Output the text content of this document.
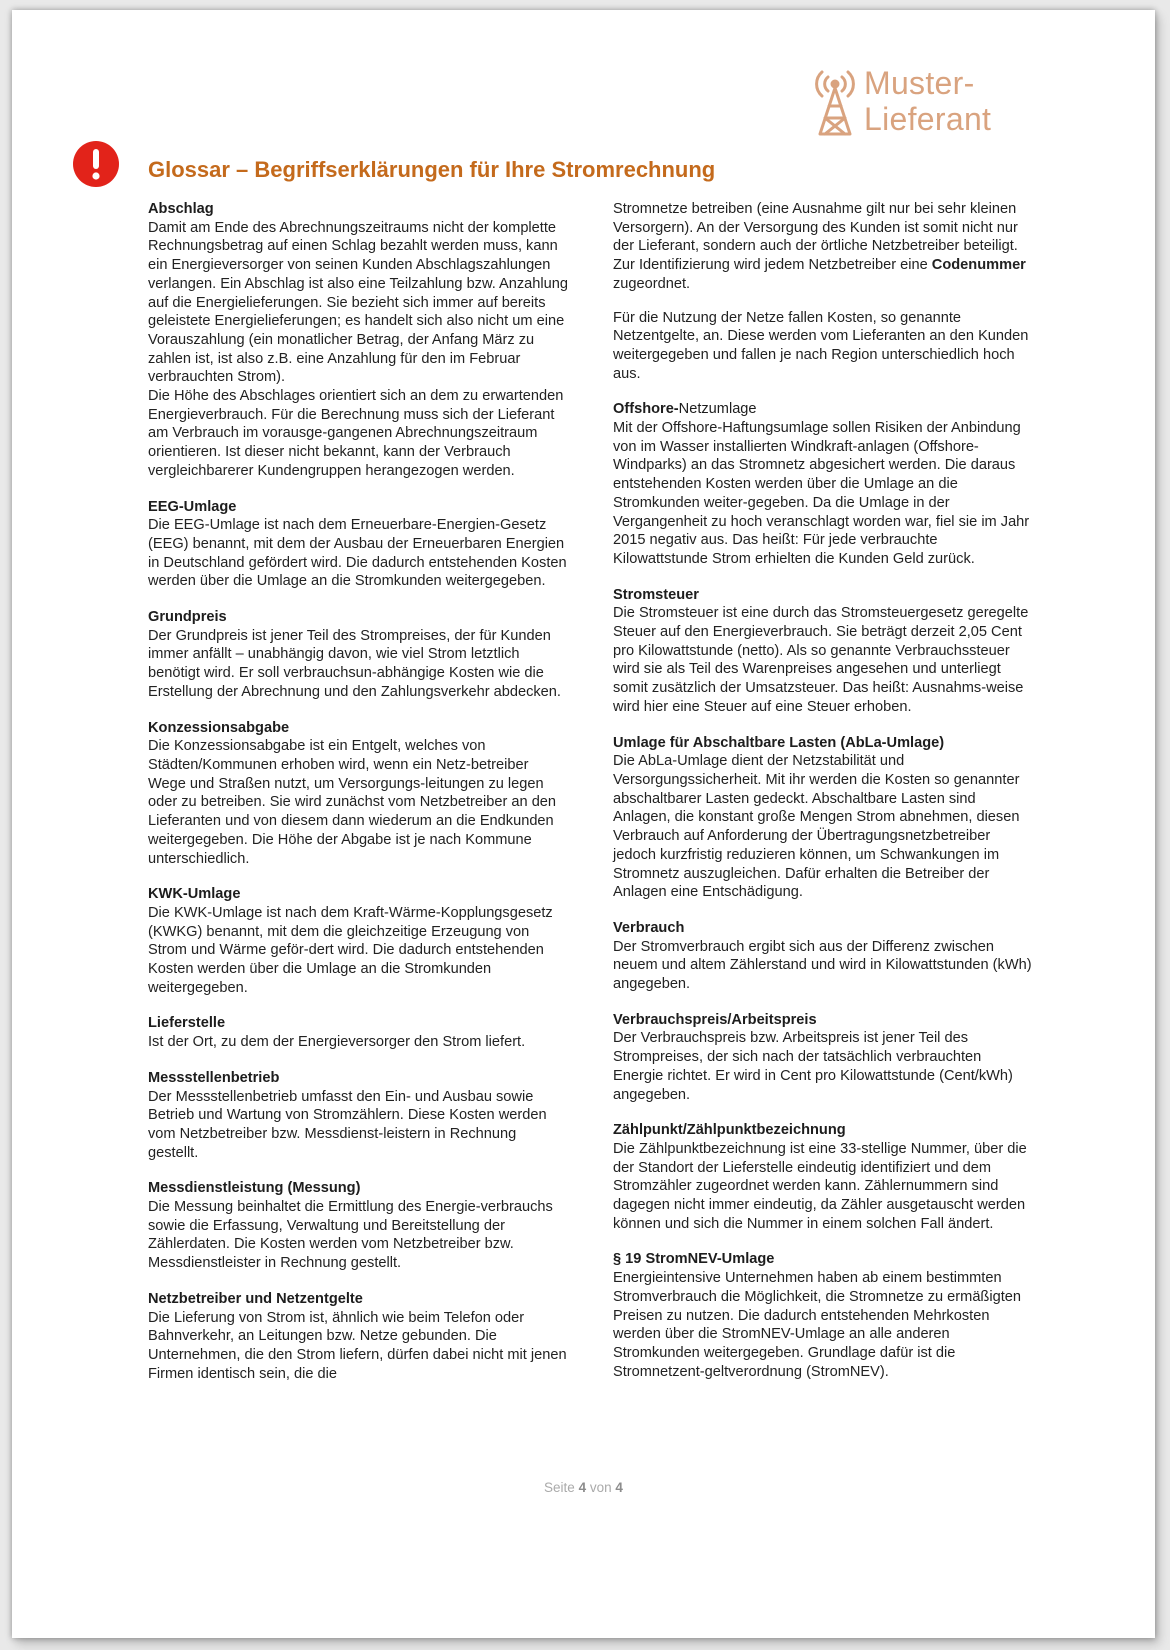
Muster-
Lieferant
Glossar – Begriffserklärungen für Ihre Stromrechnung
Abschlag
Damit am Ende des Abrechnungszeitraums nicht der komplette Rechnungsbetrag auf einen Schlag bezahlt werden muss, kann ein Energieversorger von seinen Kunden Abschlagszahlungen verlangen. Ein Abschlag ist also eine Teilzahlung bzw. Anzahlung auf die Energielieferungen. Sie bezieht sich immer auf bereits geleistete Energielieferungen; es handelt sich also nicht um eine Vorauszahlung (ein monatlicher Betrag, der Anfang März zu zahlen ist, ist also z.B. eine Anzahlung für den im Februar verbrauchten Strom).
Die Höhe des Abschlages orientiert sich an dem zu erwartenden Energieverbrauch. Für die Berechnung muss sich der Lieferant am Verbrauch im vorausge-gangenen Abrechnungszeitraum orientieren. Ist dieser nicht bekannt, kann der Verbrauch vergleichbarerer Kundengruppen herangezogen werden.
EEG-Umlage
Die EEG-Umlage ist nach dem Erneuerbare-Energien-Gesetz (EEG) benannt, mit dem der Ausbau der Erneuerbaren Energien in Deutschland gefördert wird. Die dadurch entstehenden Kosten werden über die Umlage an die Stromkunden weitergegeben.
Grundpreis
Der Grundpreis ist jener Teil des Strompreises, der für Kunden immer anfällt – unabhängig davon, wie viel Strom letztlich benötigt wird. Er soll verbrauchsun-abhängige Kosten wie die Erstellung der Abrechnung und den Zahlungsverkehr abdecken.
Konzessionsabgabe
Die Konzessionsabgabe ist ein Entgelt, welches von Städten/Kommunen erhoben wird, wenn ein Netz-betreiber Wege und Straßen nutzt, um Versorgungs-leitungen zu legen oder zu betreiben. Sie wird zunächst vom Netzbetreiber an den Lieferanten und von diesem dann wiederum an die Endkunden weitergegeben. Die Höhe der Abgabe ist je nach Kommune unterschiedlich.
KWK-Umlage
Die KWK-Umlage ist nach dem Kraft-Wärme-Kopplungsgesetz (KWKG) benannt, mit dem die gleichzeitige Erzeugung von Strom und Wärme geför-dert wird. Die dadurch entstehenden Kosten werden über die Umlage an die Stromkunden weitergegeben.
Lieferstelle
Ist der Ort, zu dem der Energieversorger den Strom liefert.
Messstellenbetrieb
Der Messstellenbetrieb umfasst den Ein- und Ausbau sowie Betrieb und Wartung von Stromzählern. Diese Kosten werden vom Netzbetreiber bzw. Messdienst-leistern in Rechnung gestellt.
Messdienstleistung (Messung)
Die Messung beinhaltet die Ermittlung des Energie-verbrauchs sowie die Erfassung, Verwaltung und Bereitstellung der Zählerdaten. Die Kosten werden vom Netzbetreiber bzw. Messdienstleister in Rechnung gestellt.
Netzbetreiber und Netzentgelte
Die Lieferung von Strom ist, ähnlich wie beim Telefon oder Bahnverkehr, an Leitungen bzw. Netze gebunden. Die Unternehmen, die den Strom liefern, dürfen dabei nicht mit jenen Firmen identisch sein, die die

Stromnetze betreiben (eine Ausnahme gilt nur bei sehr kleinen Versorgern). An der Versorgung des Kunden ist somit nicht nur der Lieferant, sondern auch der örtliche Netzbetreiber beteiligt. Zur Identifizierung wird jedem Netzbetreiber eine Codenummer zugeordnet.

Für die Nutzung der Netze fallen Kosten, so genannte Netzentgelte, an. Diese werden vom Lieferanten an den Kunden weitergegeben und fallen je nach Region unterschiedlich hoch aus.

Offshore-Netzumlage
Mit der Offshore-Haftungsumlage sollen Risiken der Anbindung von im Wasser installierten Windkraft-anlagen (Offshore-Windparks) an das Stromnetz abgesichert werden. Die daraus entstehenden Kosten werden über die Umlage an die Stromkunden weiter-gegeben. Da die Umlage in der Vergangenheit zu hoch veranschlagt worden war, fiel sie im Jahr 2015 negativ aus. Das heißt: Für jede verbrauchte Kilowattstunde Strom erhielten die Kunden Geld zurück.
Stromsteuer
Die Stromsteuer ist eine durch das Stromsteuergesetz geregelte Steuer auf den Energieverbrauch. Sie beträgt derzeit 2,05 Cent pro Kilowattstunde (netto). Als so genannte Verbrauchssteuer wird sie als Teil des Warenpreises angesehen und unterliegt somit zusätzlich der Umsatzsteuer. Das heißt: Ausnahms-weise wird hier eine Steuer auf eine Steuer erhoben.
Umlage für Abschaltbare Lasten (AbLa-Umlage)
Die AbLa-Umlage dient der Netzstabilität und Versorgungssicherheit. Mit ihr werden die Kosten so genannter abschaltbarer Lasten gedeckt. Abschaltbare Lasten sind Anlagen, die konstant große Mengen Strom abnehmen, diesen Verbrauch auf Anforderung der Übertragungsnetzbetreiber jedoch kurzfristig reduzieren können, um Schwankungen im Stromnetz auszugleichen. Dafür erhalten die Betreiber der Anlagen eine Entschädigung.
Verbrauch
Der Stromverbrauch ergibt sich aus der Differenz zwischen neuem und altem Zählerstand und wird in Kilowattstunden (kWh) angegeben.
Verbrauchspreis/Arbeitspreis
Der Verbrauchspreis bzw. Arbeitspreis ist jener Teil des Strompreises, der sich nach der tatsächlich verbrauchten Energie richtet. Er wird in Cent pro Kilowattstunde (Cent/kWh) angegeben.
Zählpunkt/Zählpunktbezeichnung
Die Zählpunktbezeichnung ist eine 33-stellige Nummer, über die der Standort der Lieferstelle eindeutig identifiziert und dem Stromzähler zugeordnet werden kann. Zählernummern sind dagegen nicht immer eindeutig, da Zähler ausgetauscht werden können und sich die Nummer in einem solchen Fall ändert.
§ 19 StromNEV-Umlage
Energieintensive Unternehmen haben ab einem bestimmten Stromverbrauch die Möglichkeit, die Stromnetze zu ermäßigten Preisen zu nutzen. Die dadurch entstehenden Mehrkosten werden über die StromNEV-Umlage an alle anderen Stromkunden weitergegeben. Grundlage dafür ist die Stromnetzent-geltverordnung (StromNEV).
Seite 4 von 4
